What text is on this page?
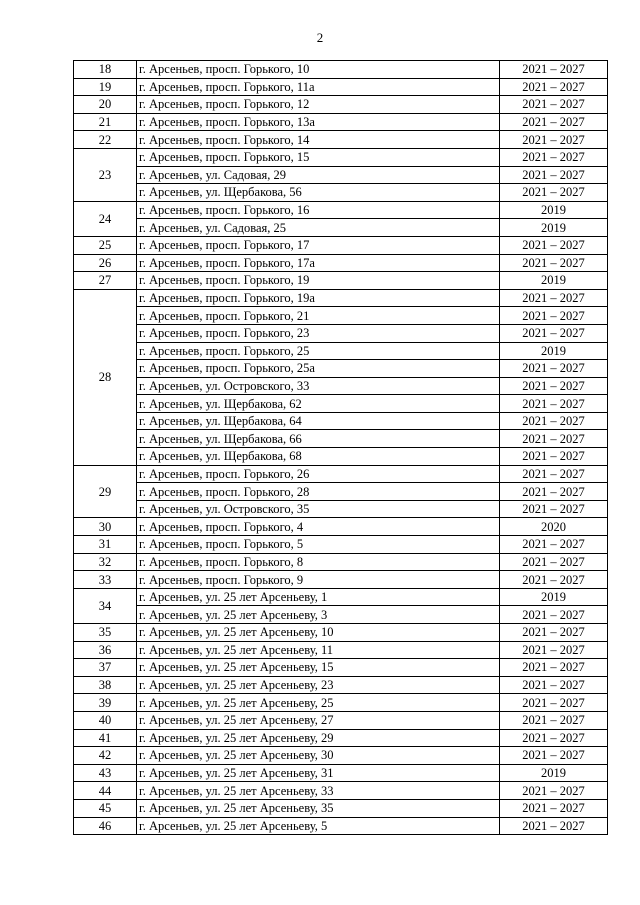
2
18	г. Арсеньев, просп. Горького, 10	2021 – 2027
19	г. Арсеньев, просп. Горького, 11а	2021 – 2027
20	г. Арсеньев, просп. Горького, 12	2021 – 2027
21	г. Арсеньев, просп. Горького, 13а	2021 – 2027
22	г. Арсеньев, просп. Горького, 14	2021 – 2027
23	г. Арсеньев, просп. Горького, 15	2021 – 2027
	г. Арсеньев, ул. Садовая, 29	2021 – 2027
	г. Арсеньев, ул. Щербакова, 56	2021 – 2027
24	г. Арсеньев, просп. Горького, 16	2019
	г. Арсеньев, ул. Садовая, 25	2019
25	г. Арсеньев, просп. Горького, 17	2021 – 2027
26	г. Арсеньев, просп. Горького, 17а	2021 – 2027
27	г. Арсеньев, просп. Горького, 19	2019
28	г. Арсеньев, просп. Горького, 19а	2021 – 2027
	г. Арсеньев, просп. Горького, 21	2021 – 2027
	г. Арсеньев, просп. Горького, 23	2021 – 2027
	г. Арсеньев, просп. Горького, 25	2019
	г. Арсеньев, просп. Горького, 25а	2021 – 2027
	г. Арсеньев, ул. Островского, 33	2021 – 2027
	г. Арсеньев, ул. Щербакова, 62	2021 – 2027
	г. Арсеньев, ул. Щербакова, 64	2021 – 2027
	г. Арсеньев, ул. Щербакова, 66	2021 – 2027
	г. Арсеньев, ул. Щербакова, 68	2021 – 2027
29	г. Арсеньев, просп. Горького, 26	2021 – 2027
	г. Арсеньев, просп. Горького, 28	2021 – 2027
	г. Арсеньев, ул. Островского, 35	2021 – 2027
30	г. Арсеньев, просп. Горького, 4	2020
31	г. Арсеньев, просп. Горького, 5	2021 – 2027
32	г. Арсеньев, просп. Горького, 8	2021 – 2027
33	г. Арсеньев, просп. Горького, 9	2021 – 2027
34	г. Арсеньев, ул. 25 лет Арсеньеву, 1	2019
	г. Арсеньев, ул. 25 лет Арсеньеву, 3	2021 – 2027
35	г. Арсеньев, ул. 25 лет Арсеньеву, 10	2021 – 2027
36	г. Арсеньев, ул. 25 лет Арсеньеву, 11	2021 – 2027
37	г. Арсеньев, ул. 25 лет Арсеньеву, 15	2021 – 2027
38	г. Арсеньев, ул. 25 лет Арсеньеву, 23	2021 – 2027
39	г. Арсеньев, ул. 25 лет Арсеньеву, 25	2021 – 2027
40	г. Арсеньев, ул. 25 лет Арсеньеву, 27	2021 – 2027
41	г. Арсеньев, ул. 25 лет Арсеньеву, 29	2021 – 2027
42	г. Арсеньев, ул. 25 лет Арсеньеву, 30	2021 – 2027
43	г. Арсеньев, ул. 25 лет Арсеньеву, 31	2019
44	г. Арсеньев, ул. 25 лет Арсеньеву, 33	2021 – 2027
45	г. Арсеньев, ул. 25 лет Арсеньеву, 35	2021 – 2027
46	г. Арсеньев, ул. 25 лет Арсеньеву, 5	2021 – 2027
